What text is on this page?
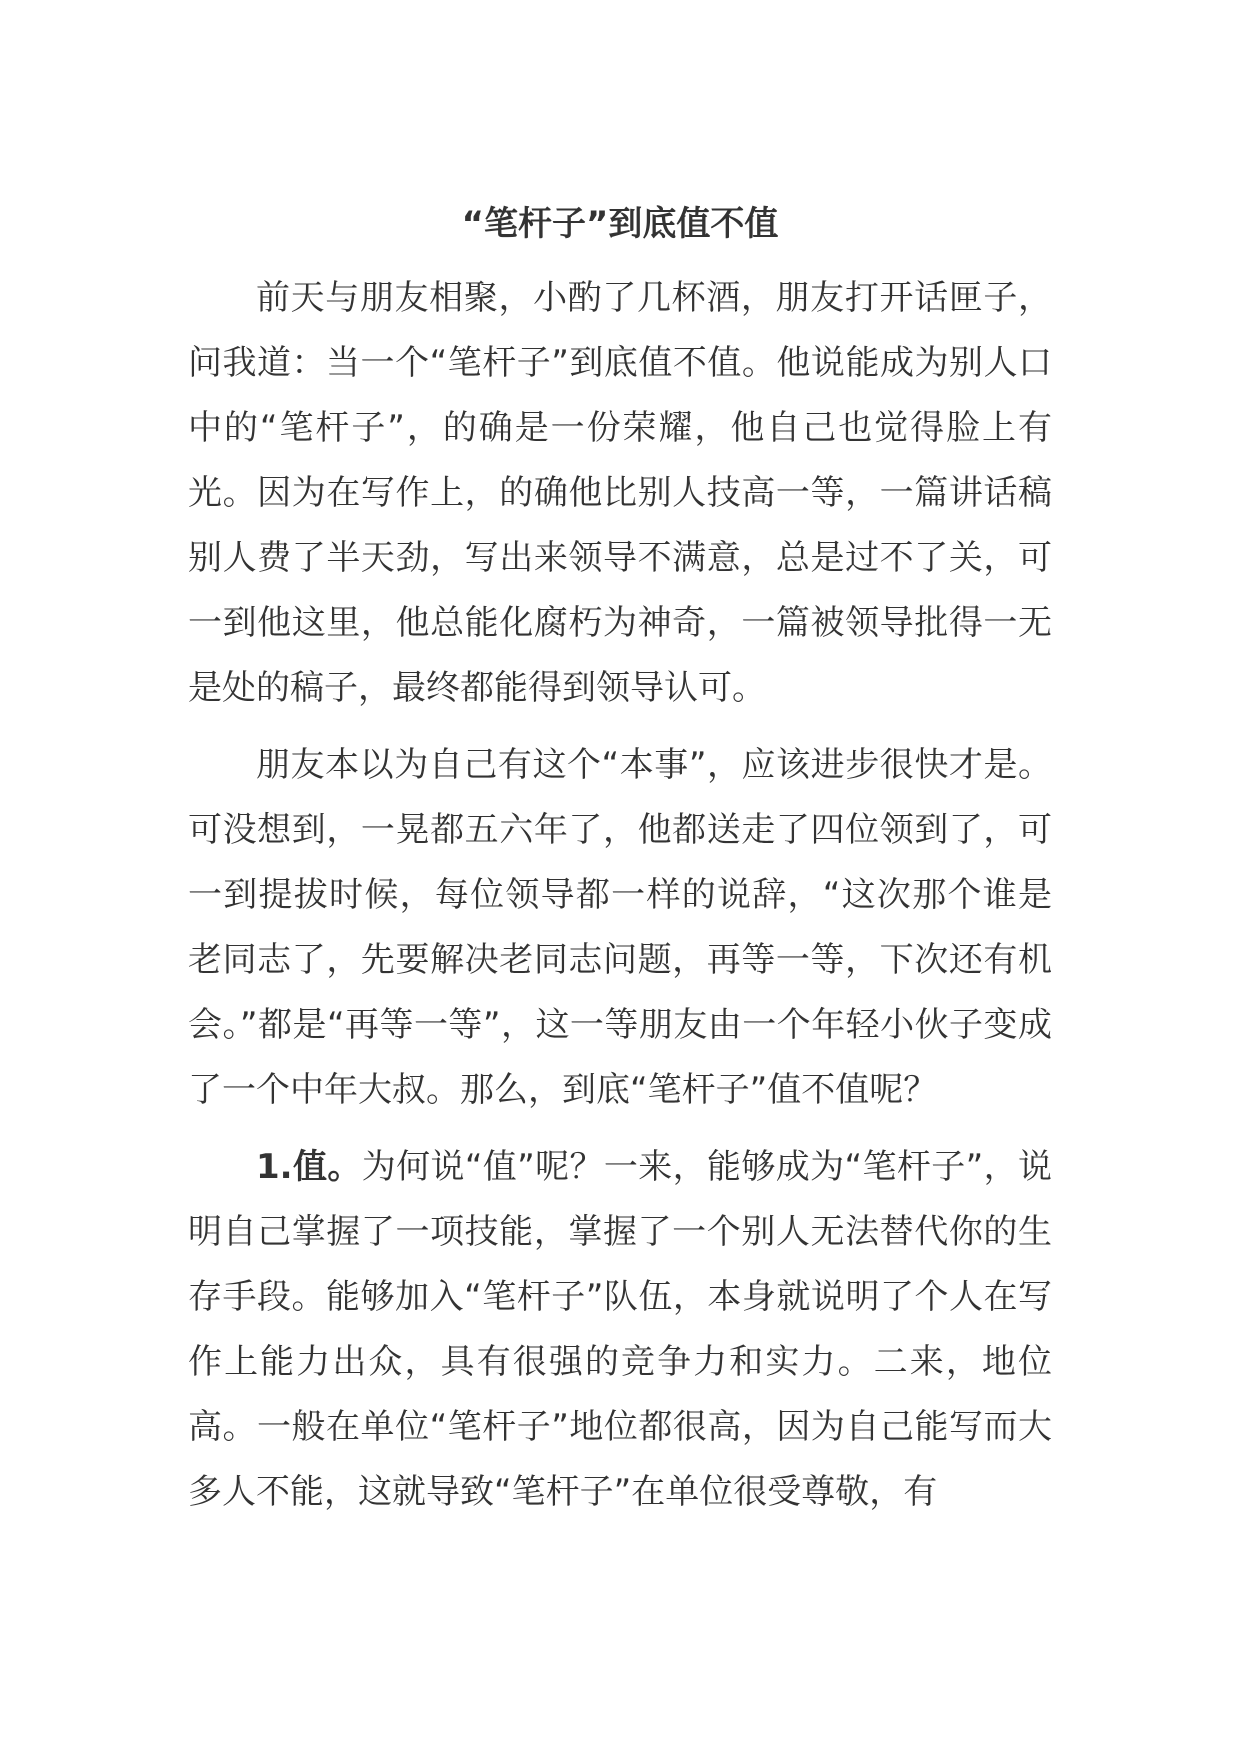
“笔杆子”到底值不值

前天与朋友相聚，小酌了几杯酒，朋友打开话匣子，问我道：当一个“笔杆子”到底值不值。他说能成为别人口中的“笔杆子”，的确是一份荣耀，他自己也觉得脸上有光。因为在写作上，的确他比别人技高一等，一篇讲话稿别人费了半天劲，写出来领导不满意，总是过不了关，可一到他这里，他总能化腐朽为神奇，一篇被领导批得一无是处的稿子，最终都能得到领导认可。

朋友本以为自己有这个“本事”，应该进步很快才是。可没想到，一晃都五六年了，他都送走了四位领到了，可一到提拔时候，每位领导都一样的说辞，“这次那个谁是老同志了，先要解决老同志问题，再等一等，下次还有机会。”都是“再等一等”，这一等朋友由一个年轻小伙子变成了一个中年大叔。那么，到底“笔杆子”值不值呢？

1.值。为何说“值”呢？一来，能够成为“笔杆子”，说明自己掌握了一项技能，掌握了一个别人无法替代你的生存手段。能够加入“笔杆子”队伍，本身就说明了个人在写作上能力出众，具有很强的竞争力和实力。二来，地位高。一般在单位“笔杆子”地位都很高，因为自己能写而大多人不能，这就导致“笔杆子”在单位很受尊敬，有
